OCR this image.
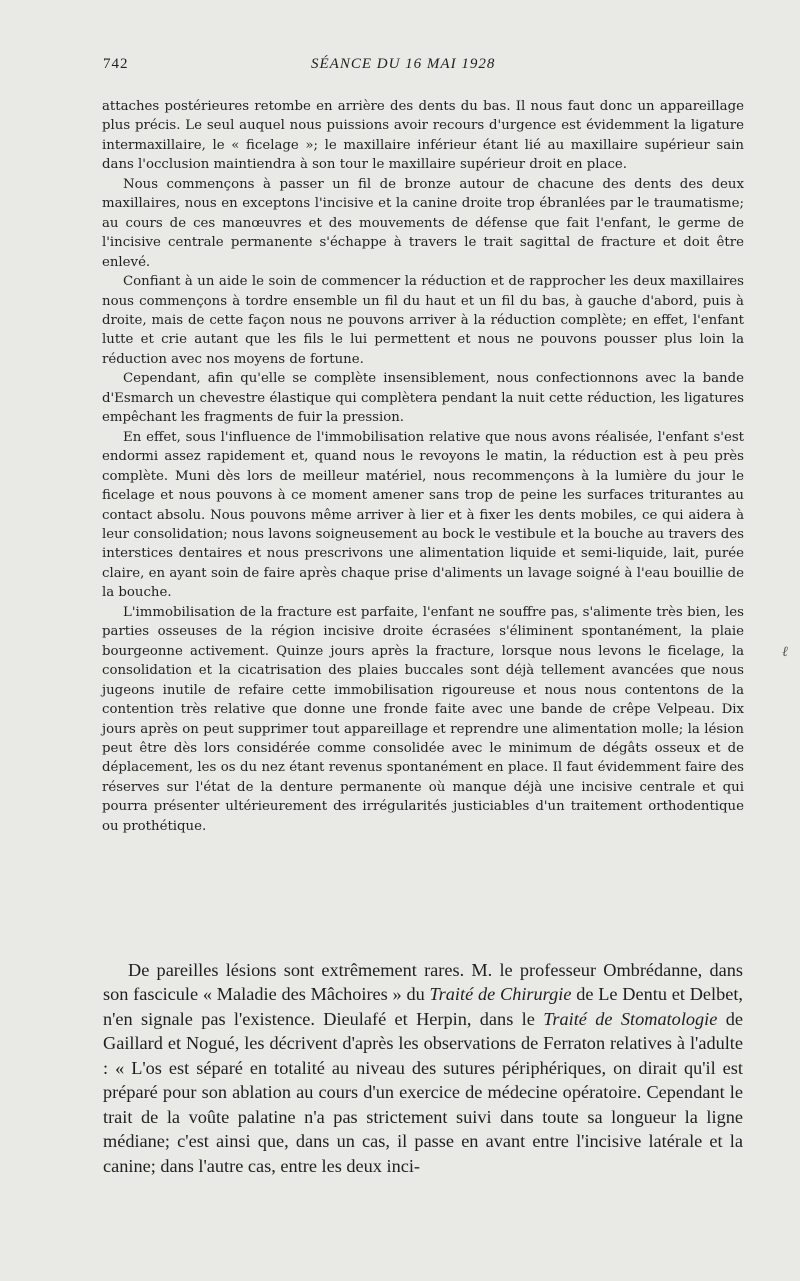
742	SÉANCE DU 16 MAI 1928

attaches postérieures retombe en arrière des dents du bas. Il nous faut donc un appareillage plus précis. Le seul auquel nous puissions avoir recours d'urgence est évidemment la ligature intermaxillaire, le « ficelage »; le maxillaire inférieur étant lié au maxillaire supérieur sain dans l'occlusion maintiendra à son tour le maxillaire supérieur droit en place.

Nous commençons à passer un fil de bronze autour de chacune des dents des deux maxillaires, nous en exceptons l'incisive et la canine droite trop ébranlées par le traumatisme; au cours de ces manœuvres et des mouvements de défense que fait l'enfant, le germe de l'incisive centrale permanente s'échappe à travers le trait sagittal de fracture et doit être enlevé.

Confiant à un aide le soin de commencer la réduction et de rapprocher les deux maxillaires nous commençons à tordre ensemble un fil du haut et un fil du bas, à gauche d'abord, puis à droite, mais de cette façon nous ne pouvons arriver à la réduction complète; en effet, l'enfant lutte et crie autant que les fils le lui permettent et nous ne pouvons pousser plus loin la réduction avec nos moyens de fortune.

Cependant, afin qu'elle se complète insensiblement, nous confectionnons avec la bande d'Esmarch un chevestre élastique qui complètera pendant la nuit cette réduction, les ligatures empêchant les fragments de fuir la pression.

En effet, sous l'influence de l'immobilisation relative que nous avons réalisée, l'enfant s'est endormi assez rapidement et, quand nous le revoyons le matin, la réduction est à peu près complète. Muni dès lors de meilleur matériel, nous recommençons à la lumière du jour le ficelage et nous pouvons à ce moment amener sans trop de peine les surfaces triturantes au contact absolu. Nous pouvons même arriver à lier et à fixer les dents mobiles, ce qui aidera à leur consolidation; nous lavons soigneusement au bock le vestibule et la bouche au travers des interstices dentaires et nous prescrivons une alimentation liquide et semi-liquide, lait, purée claire, en ayant soin de faire après chaque prise d'aliments un lavage soigné à l'eau bouillie de la bouche.

L'immobilisation de la fracture est parfaite, l'enfant ne souffre pas, s'alimente très bien, les parties osseuses de la région incisive droite écrasées s'éliminent spontanément, la plaie bourgeonne activement. Quinze jours après la fracture, lorsque nous levons le ficelage, la consolidation et la cicatrisation des plaies buccales sont déjà tellement avancées que nous jugeons inutile de refaire cette immobilisation rigoureuse et nous nous contentons de la contention très relative que donne une fronde faite avec une bande de crêpe Velpeau. Dix jours après on peut supprimer tout appareillage et reprendre une alimentation molle; la lésion peut être dès lors considérée comme consolidée avec le minimum de dégâts osseux et de déplacement, les os du nez étant revenus spontanément en place. Il faut évidemment faire des réserves sur l'état de la denture permanente où manque déjà une incisive centrale et qui pourra présenter ultérieurement des irrégularités justiciables d'un traitement orthodentique ou prothétique.

De pareilles lésions sont extrêmement rares. M. le professeur Ombrédanne, dans son fascicule « Maladie des Mâchoires » du Traité de Chirurgie de Le Dentu et Delbet, n'en signale pas l'existence. Dieulafé et Herpin, dans le Traité de Stomatologie de Gaillard et Nogué, les décrivent d'après les observations de Ferraton relatives à l'adulte : « L'os est séparé en totalité au niveau des sutures périphériques, on dirait qu'il est préparé pour son ablation au cours d'un exercice de médecine opératoire. Cependant le trait de la voûte palatine n'a pas strictement suivi dans toute sa longueur la ligne médiane; c'est ainsi que, dans un cas, il passe en avant entre l'incisive latérale et la canine; dans l'autre cas, entre les deux inci-

ℓ
